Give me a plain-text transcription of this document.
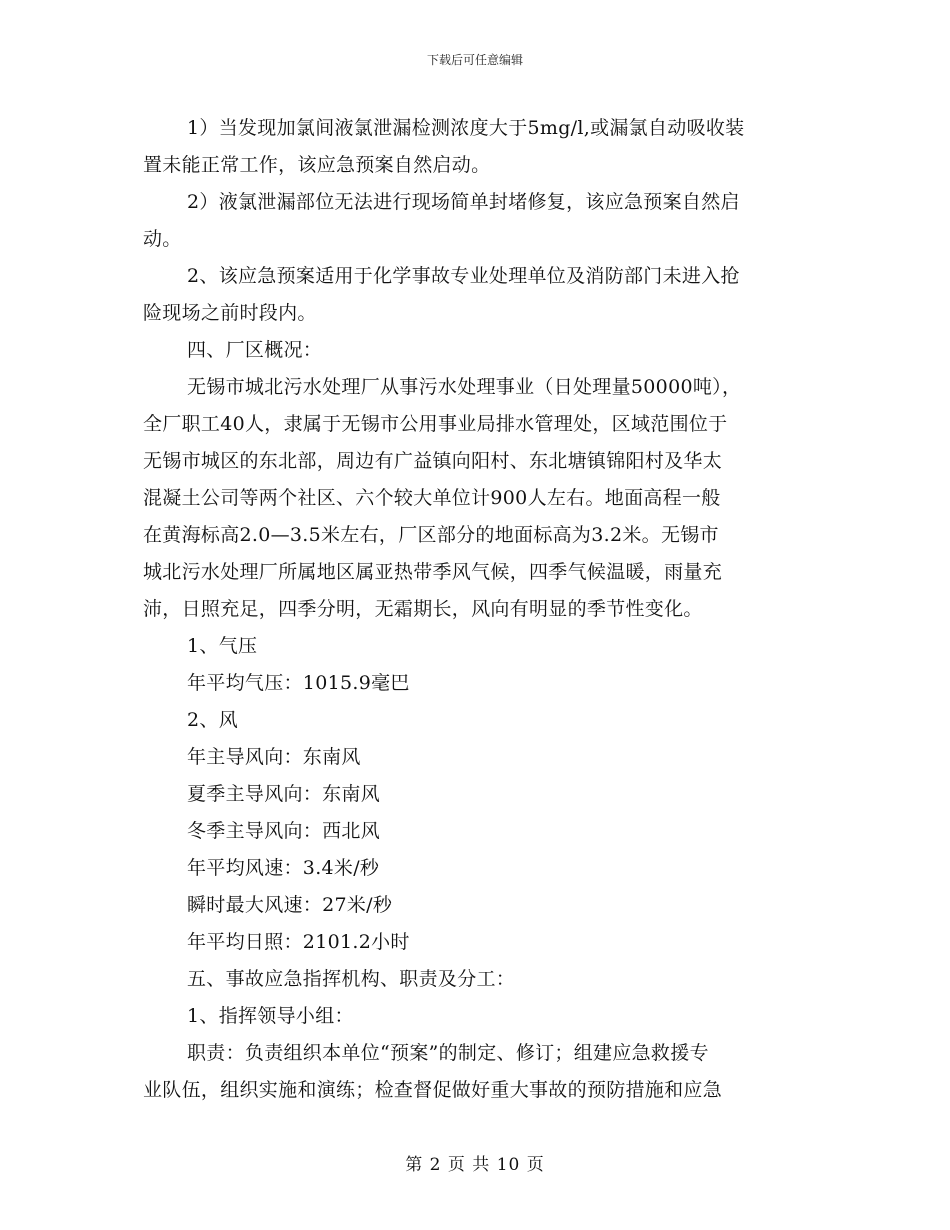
下载后可任意编辑
1）当发现加氯间液氯泄漏检测浓度大于5mg/l,或漏氯自动吸收装
置未能正常工作，该应急预案自然启动。
2）液氯泄漏部位无法进行现场简单封堵修复，该应急预案自然启
动。
2、该应急预案适用于化学事故专业处理单位及消防部门未进入抢
险现场之前时段内。
四、厂区概况：
无锡市城北污水处理厂从事污水处理事业（日处理量50000吨），
全厂职工40人，隶属于无锡市公用事业局排水管理处，区域范围位于
无锡市城区的东北部，周边有广益镇向阳村、东北塘镇锦阳村及华太
混凝土公司等两个社区、六个较大单位计900人左右。地面高程一般
在黄海标高2.0—3.5米左右，厂区部分的地面标高为3.2米。无锡市
城北污水处理厂所属地区属亚热带季风气候，四季气候温暖，雨量充
沛，日照充足，四季分明，无霜期长，风向有明显的季节性变化。
1、气压
年平均气压：1015.9毫巴
2、风
年主导风向：东南风
夏季主导风向：东南风
冬季主导风向：西北风
年平均风速：3.4米/秒
瞬时最大风速：27米/秒
年平均日照：2101.2小时
五、事故应急指挥机构、职责及分工：
1、指挥领导小组：
职责：负责组织本单位“预案”的制定、修订；组建应急救援专
业队伍，组织实施和演练；检查督促做好重大事故的预防措施和应急
第 2 页 共 10 页
